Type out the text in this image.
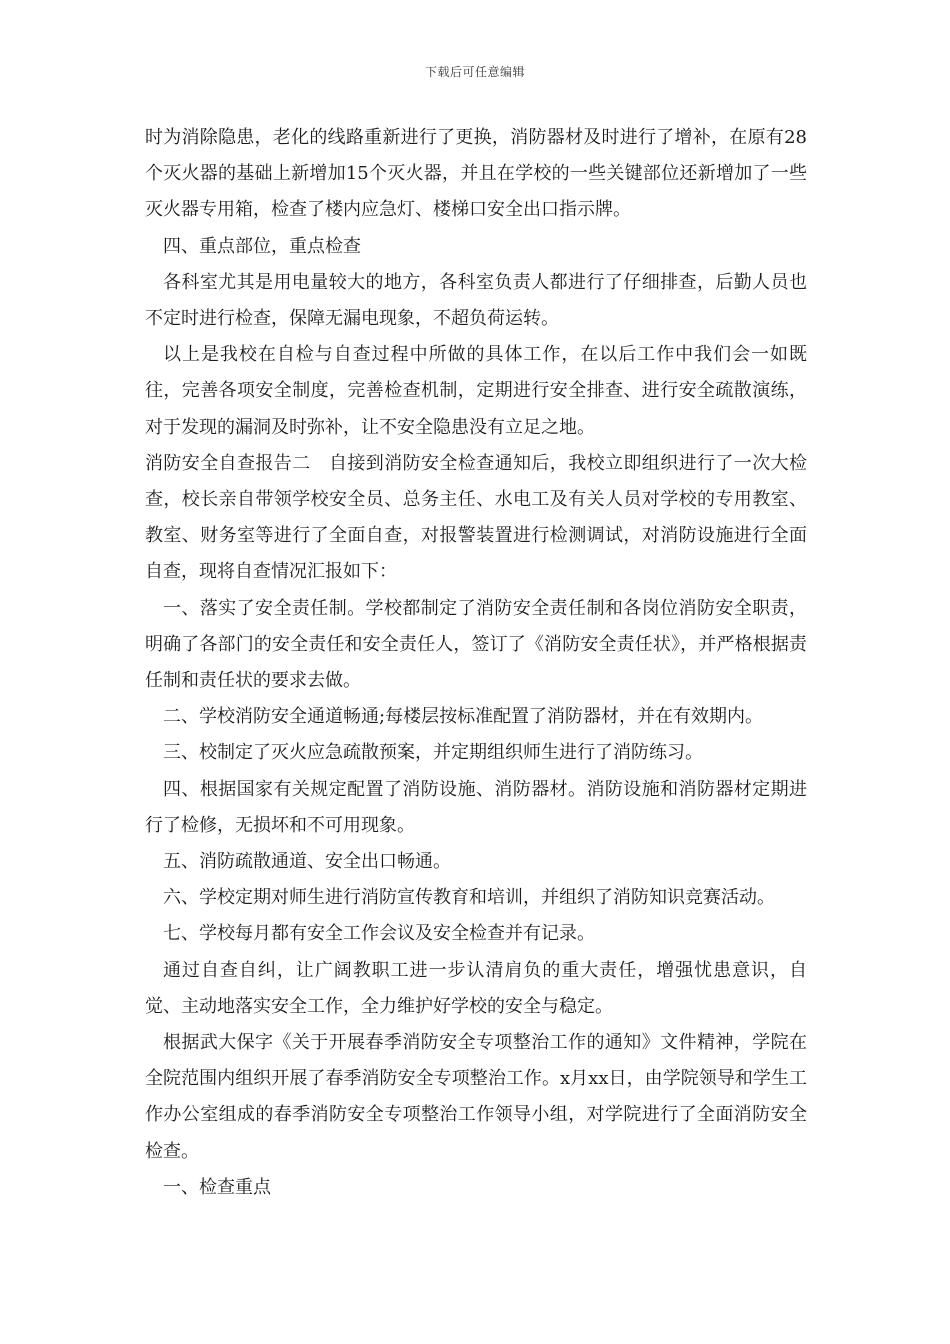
下载后可任意编辑

时为消除隐患，老化的线路重新进行了更换，消防器材及时进行了增补，在原有28个灭火器的基础上新增加15个灭火器，并且在学校的一些关键部位还新增加了一些灭火器专用箱，检查了楼内应急灯、楼梯口安全出口指示牌。

四、重点部位，重点检查

各科室尤其是用电量较大的地方，各科室负责人都进行了仔细排查，后勤人员也不定时进行检查，保障无漏电现象，不超负荷运转。

以上是我校在自检与自查过程中所做的具体工作，在以后工作中我们会一如既往，完善各项安全制度，完善检查机制，定期进行安全排查、进行安全疏散演练，对于发现的漏洞及时弥补，让不安全隐患没有立足之地。

消防安全自查报告二　自接到消防安全检查通知后，我校立即组织进行了一次大检查，校长亲自带领学校安全员、总务主任、水电工及有关人员对学校的专用教室、教室、财务室等进行了全面自查，对报警装置进行检测调试，对消防设施进行全面自查，现将自查情况汇报如下：

一、落实了安全责任制。学校都制定了消防安全责任制和各岗位消防安全职责，明确了各部门的安全责任和安全责任人，签订了《消防安全责任状》，并严格根据责任制和责任状的要求去做。

二、学校消防安全通道畅通;每楼层按标准配置了消防器材，并在有效期内。

三、校制定了灭火应急疏散预案，并定期组织师生进行了消防练习。

四、根据国家有关规定配置了消防设施、消防器材。消防设施和消防器材定期进行了检修，无损坏和不可用现象。

五、消防疏散通道、安全出口畅通。

六、学校定期对师生进行消防宣传教育和培训，并组织了消防知识竞赛活动。

七、学校每月都有安全工作会议及安全检查并有记录。

通过自查自纠，让广阔教职工进一步认清肩负的重大责任，增强忧患意识，自觉、主动地落实安全工作，全力维护好学校的安全与稳定。

根据武大保字《关于开展春季消防安全专项整治工作的通知》文件精神，学院在全院范围内组织开展了春季消防安全专项整治工作。x月xx日，由学院领导和学生工作办公室组成的春季消防安全专项整治工作领导小组，对学院进行了全面消防安全检查。

一、检查重点
